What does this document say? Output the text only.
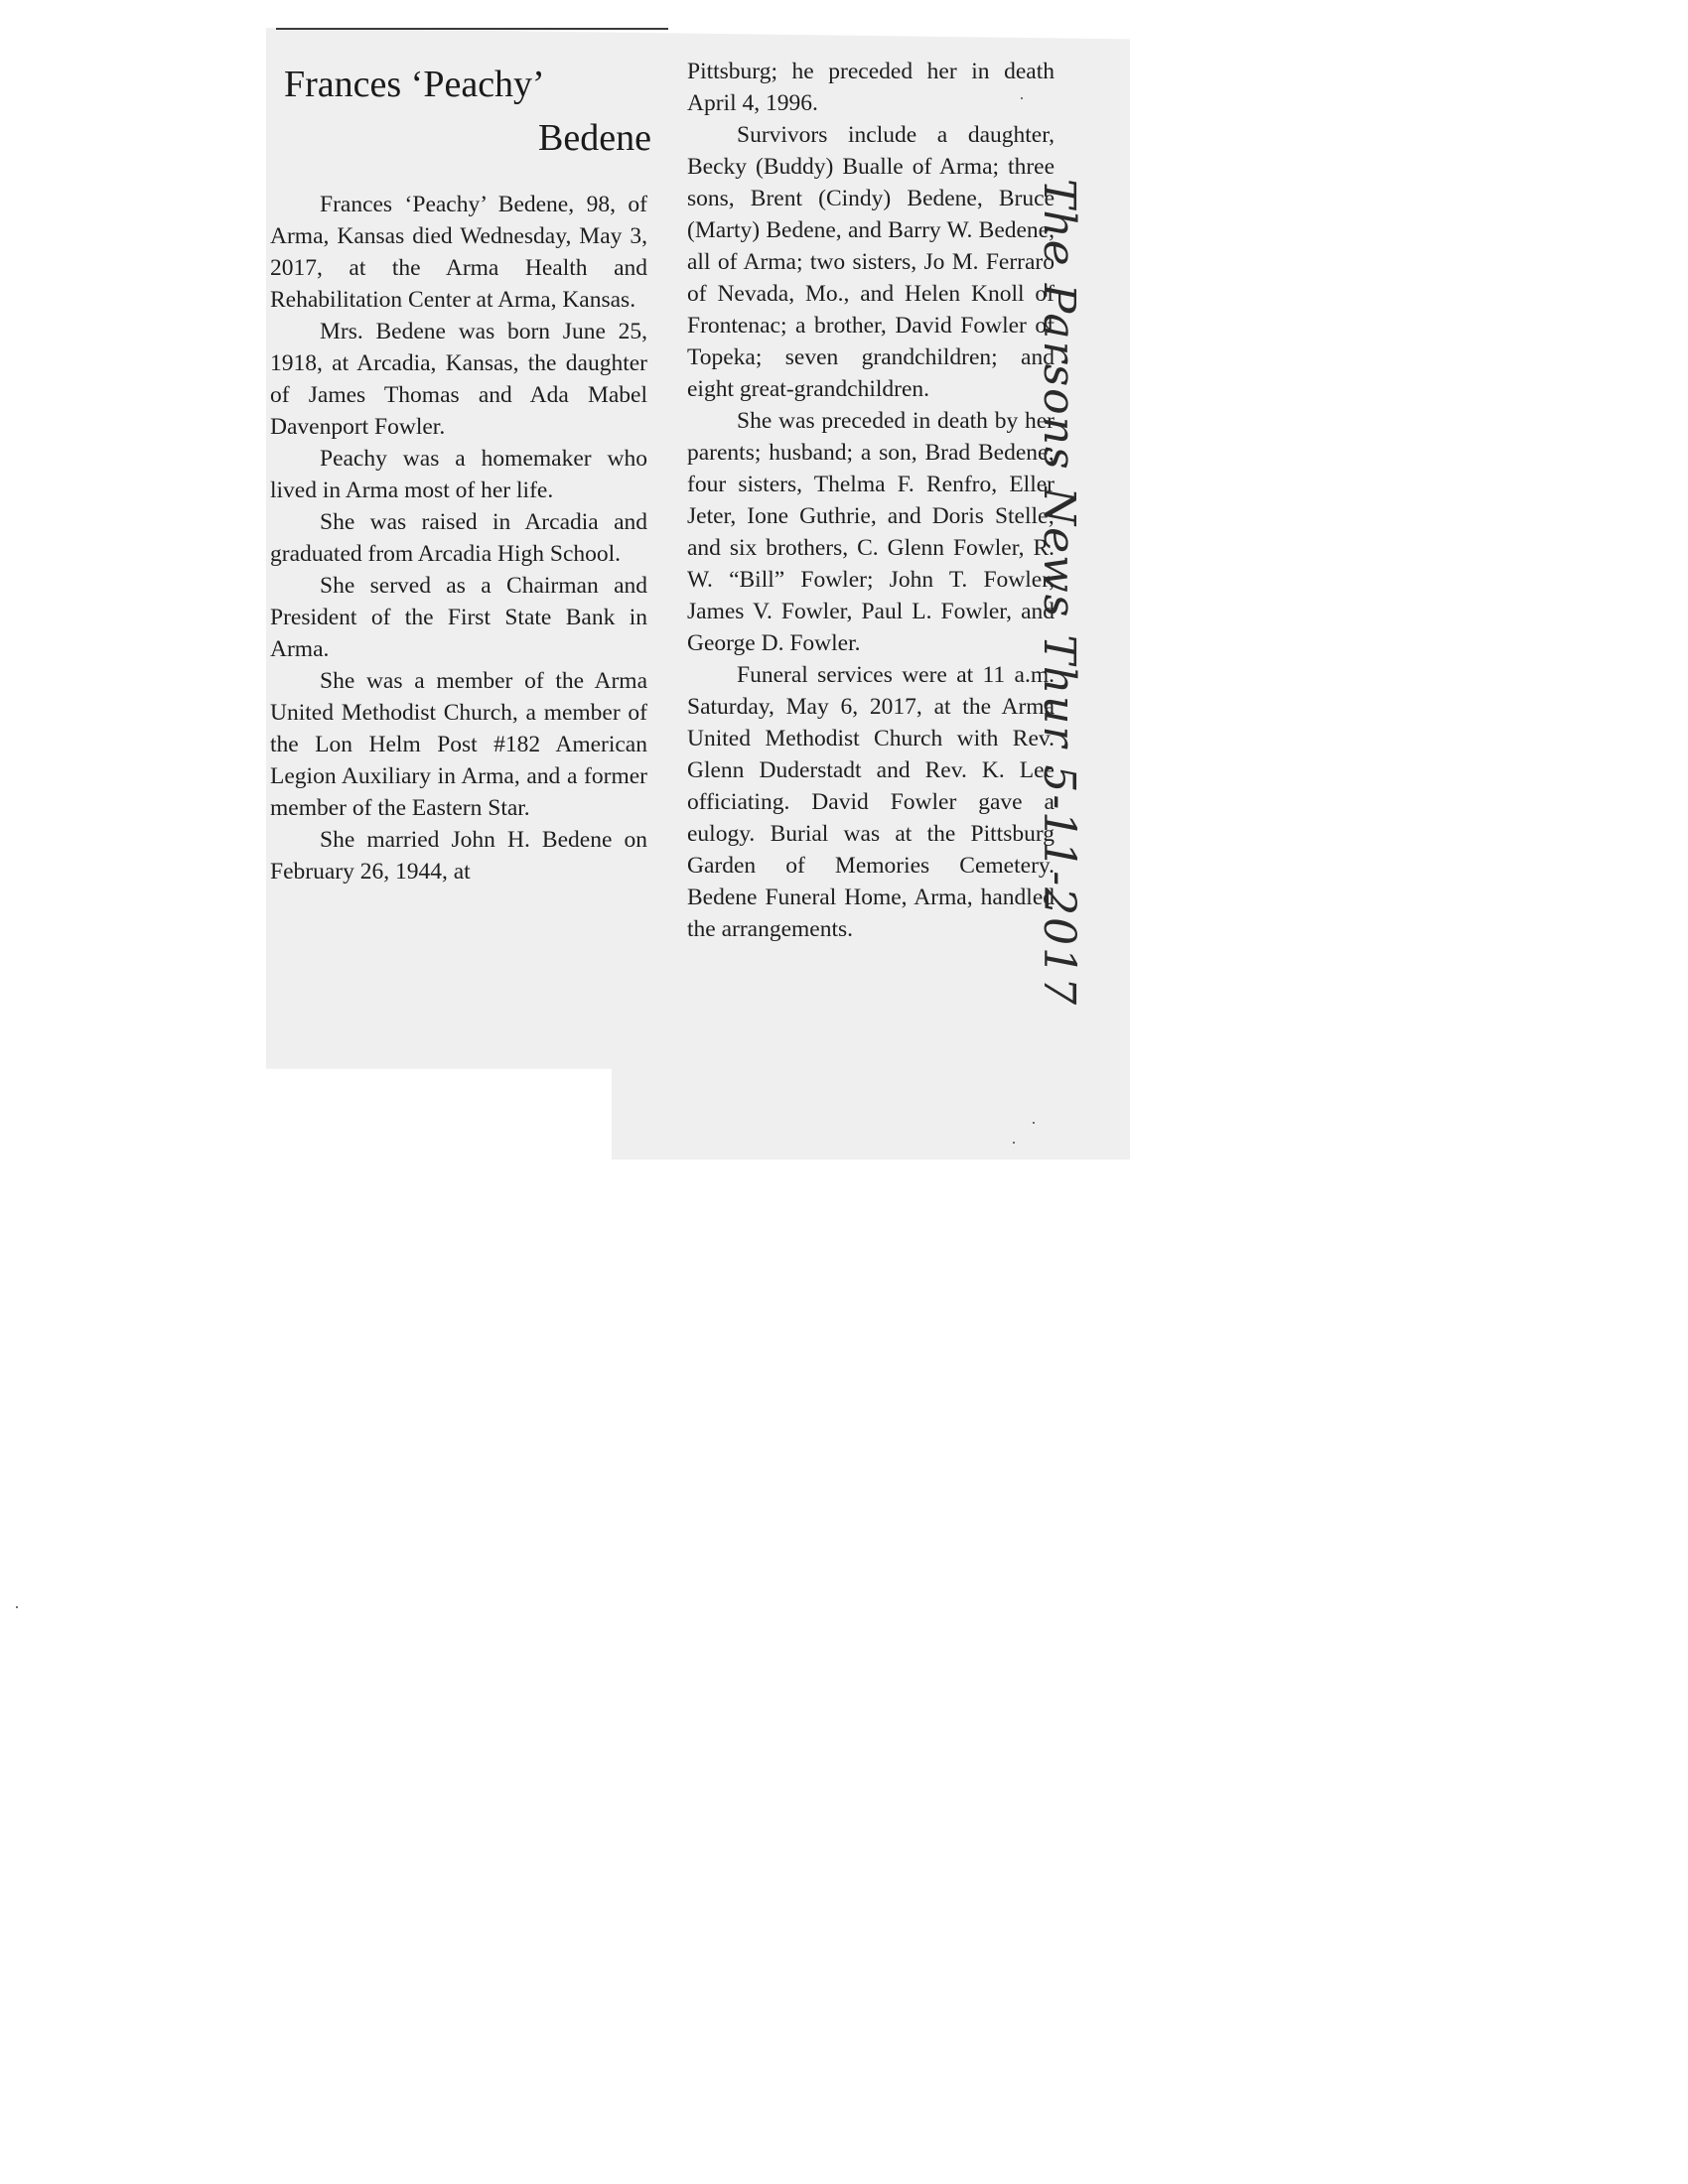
Frances ‘Peachy’
Bedene

Frances ‘Peachy’ Bedene, 98, of Arma, Kansas died Wednesday, May 3, 2017, at the Arma Health and Rehabilitation Center at Arma, Kansas.

Mrs. Bedene was born June 25, 1918, at Arcadia, Kansas, the daughter of James Thomas and Ada Mabel Davenport Fowler.

Peachy was a homemaker who lived in Arma most of her life.

She was raised in Arcadia and graduated from Arcadia High School.

She served as a Chairman and President of the First State Bank in Arma.

She was a member of the Arma United Methodist Church, a member of the Lon Helm Post #182 American Legion Auxiliary in Arma, and a former member of the Eastern Star.

She married John H. Bedene on February 26, 1944, at

Pittsburg; he preceded her in death April 4, 1996.

Survivors include a daughter, Becky (Buddy) Bualle of Arma; three sons, Brent (Cindy) Bedene, Bruce (Marty) Bedene, and Barry W. Bedene, all of Arma; two sisters, Jo M. Ferraro of Nevada, Mo., and Helen Knoll of Frontenac; a brother, David Fowler of Topeka; seven grandchildren; and eight great-grandchildren.

She was preceded in death by her parents; husband; a son, Brad Bedene; four sisters, Thelma F. Renfro, Eller Jeter, Ione Guthrie, and Doris Stelle; and six brothers, C. Glenn Fowler, R. W. “Bill” Fowler; John T. Fowler, James V. Fowler, Paul L. Fowler, and George D. Fowler.

Funeral services were at 11 a.m. Saturday, May 6, 2017, at the Arma United Methodist Church with Rev. Glenn Duderstadt and Rev. K. Lee officiating. David Fowler gave a eulogy. Burial was at the Pittsburg Garden of Memories Cemetery. Bedene Funeral Home, Arma, handled the arrangements.	The Parsons News Thur 5-11-2017
